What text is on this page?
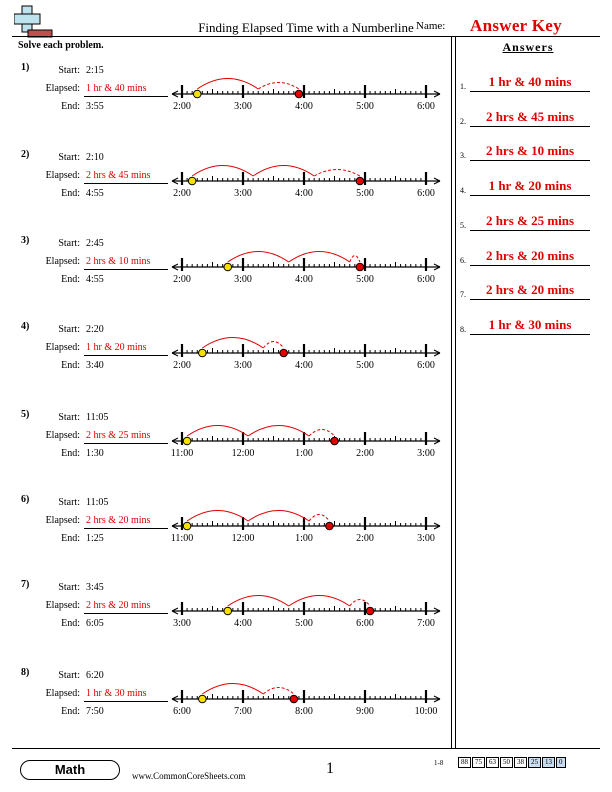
Finding Elapsed Time with a Numberline Name: Answer Key
Solve each problem.
1)	Start: 2:15
Elapsed: 1 hr & 40 mins
End: 3:55	2:00	3:00	4:00	5:00	6:00
2)	Start: 2:10
Elapsed: 2 hrs & 45 mins
End: 4:55	2:00	3:00	4:00	5:00	6:00
3)	Start: 2:45
Elapsed: 2 hrs & 10 mins
End: 4:55	2:00	3:00	4:00	5:00	6:00
4)	Start: 2:20
Elapsed: 1 hr & 20 mins
End: 3:40	2:00	3:00	4:00	5:00	6:00
5)	Start: 11:05
Elapsed: 2 hrs & 25 mins
End: 1:30	11:00	12:00	1:00	2:00	3:00
6)	Start: 11:05
Elapsed: 2 hrs & 20 mins
End: 1:25	11:00	12:00	1:00	2:00	3:00
7)	Start: 3:45
Elapsed: 2 hrs & 20 mins
End: 6:05	3:00	4:00	5:00	6:00	7:00
8)	Start: 6:20
Elapsed: 1 hr & 30 mins
End: 7:50	6:00	7:00	8:00	9:00	10:00
Answers
1.	1 hr & 40 mins
2.	2 hrs & 45 mins
3.	2 hrs & 10 mins
4.	1 hr & 20 mins
5.	2 hrs & 25 mins
6.	2 hrs & 20 mins
7.	2 hrs & 20 mins
8.	1 hr & 30 mins
Math	www.CommonCoreSheets.com	1	1-8	88	75	63	50	38	25	13	0
